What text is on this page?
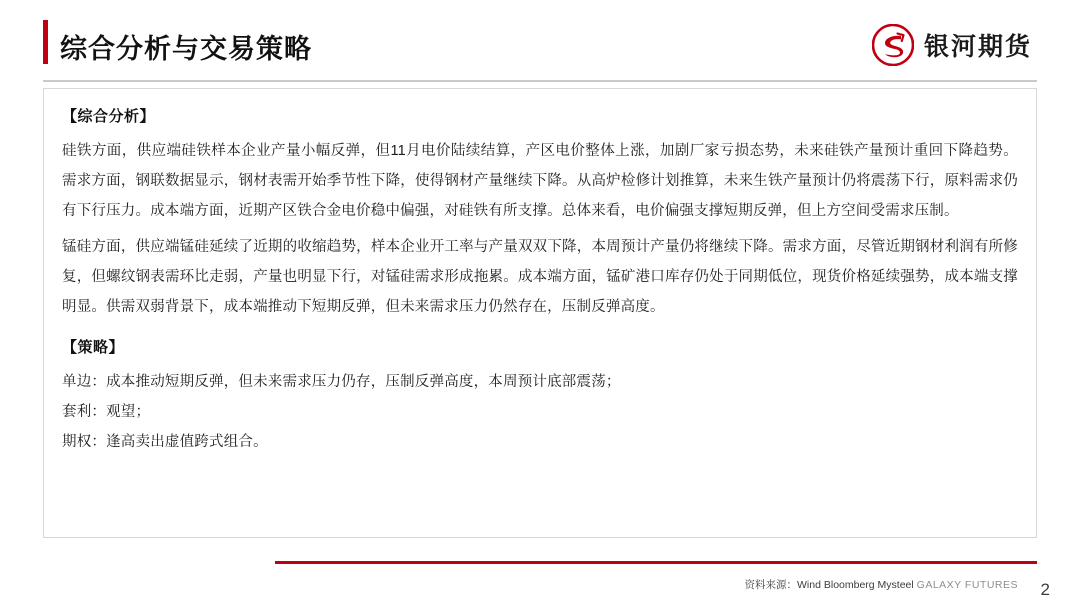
综合分析与交易策略	银河期货
【综合分析】

硅铁方面，供应端硅铁样本企业产量小幅反弹，但11月电价陆续结算，产区电价整体上涨，加剧厂家亏损态势，未来硅铁产量预计重回下降趋势。需求方面，钢联数据显示，钢材表需开始季节性下降，使得钢材产量继续下降。从高炉检修计划推算，未来生铁产量预计仍将震荡下行，原料需求仍有下行压力。成本端方面，近期产区铁合金电价稳中偏强，对硅铁有所支撑。总体来看，电价偏强支撑短期反弹，但上方空间受需求压制。

锰硅方面，供应端锰硅延续了近期的收缩趋势，样本企业开工率与产量双双下降，本周预计产量仍将继续下降。需求方面，尽管近期钢材利润有所修复，但螺纹钢表需环比走弱，产量也明显下行，对锰硅需求形成拖累。成本端方面，锰矿港口库存仍处于同期低位，现货价格延续强势，成本端支撑明显。供需双弱背景下，成本端推动下短期反弹，但未来需求压力仍然存在，压制反弹高度。

【策略】

单边：成本推动短期反弹，但未来需求压力仍存，压制反弹高度，本周预计底部震荡；

套利：观望；

期权：逢高卖出虚值跨式组合。

资料来源：Wind Bloomberg Mysteel GALAXY FUTURES 2
